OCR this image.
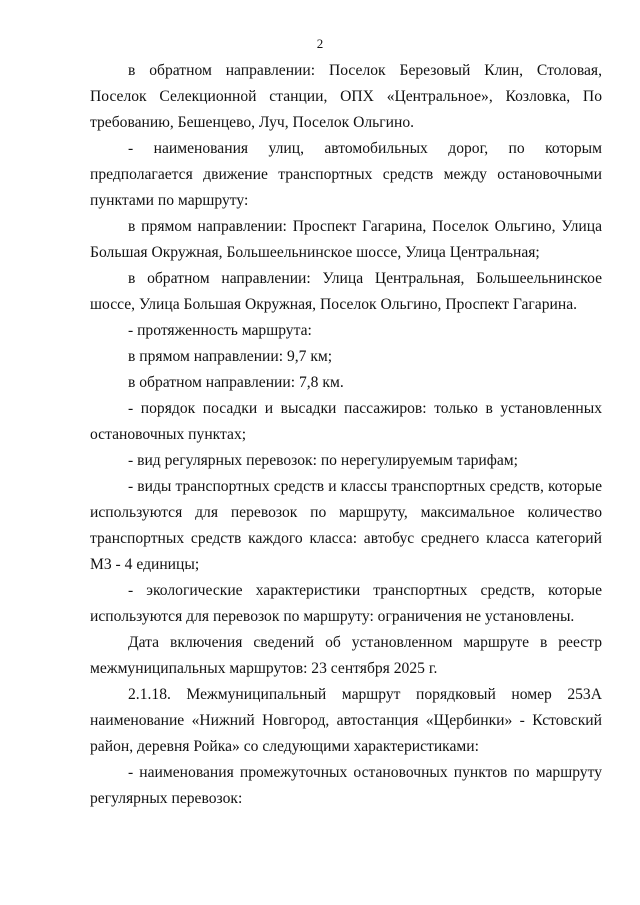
2

в обратном направлении: Поселок Березовый Клин, Столовая, Поселок Селекционной станции, ОПХ «Центральное», Козловка, По требованию, Бешенцево, Луч, Поселок Ольгино.

- наименования улиц, автомобильных дорог, по которым предполагается движение транспортных средств между остановочными пунктами по маршруту:

в прямом направлении: Проспект Гагарина, Поселок Ольгино, Улица Большая Окружная, Большеельнинское шоссе, Улица Центральная;

в обратном направлении: Улица Центральная, Большеельнинское шоссе, Улица Большая Окружная, Поселок Ольгино, Проспект Гагарина.

- протяженность маршрута:

в прямом направлении: 9,7 км;

в обратном направлении: 7,8 км.

- порядок посадки и высадки пассажиров: только в установленных остановочных пунктах;

- вид регулярных перевозок: по нерегулируемым тарифам;

- виды транспортных средств и классы транспортных средств, которые используются для перевозок по маршруту, максимальное количество транспортных средств каждого класса: автобус среднего класса категорий М3 - 4 единицы;

- экологические характеристики транспортных средств, которые используются для перевозок по маршруту: ограничения не установлены.

Дата включения сведений об установленном маршруте в реестр межмуниципальных маршрутов: 23 сентября 2025 г.

2.1.18. Межмуниципальный маршрут порядковый номер 253А наименование «Нижний Новгород, автостанция «Щербинки» - Кстовский район, деревня Ройка» со следующими характеристиками:

- наименования промежуточных остановочных пунктов по маршруту регулярных перевозок:
